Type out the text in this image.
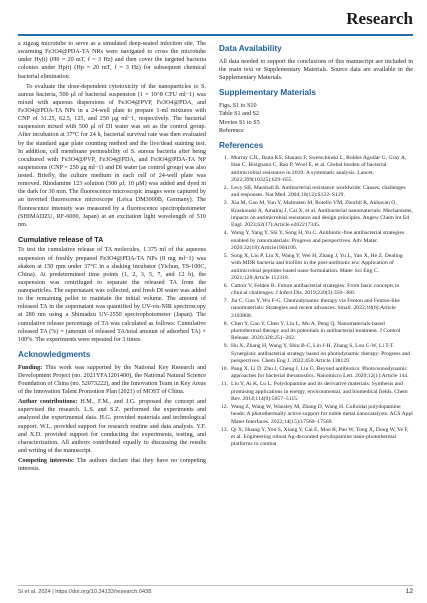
Research
a zigzag microtube to serve as a simulated deep-seated infection site. The swarming Fe3O4@PDA-TA NRs were navigated to cross the microtube under Hy(t) (H0 = 20 mT, f = 3 Hz) and then cover the targeted bacteria colonies under Hp(t) (Hp = 20 mT, f = 3 Hz) for subsequent chemical bacterial elimination.
To evaluate the dose-dependent cytotoxicity of the nanoparticles to S. aureus bacteria, 500 μl of bacterial suspension (1 × 10^8 CFU ml−1) was mixed with aqueous dispersions of Fe3O4@PVP, Fe3O4@PDA, and Fe3O4@PDA-TA NPs in a 24-well plate to prepare 1-ml mixtures with CNP of 31.25, 62.5, 125, and 250 μg ml−1, respectively. The bacterial suspension mixed with 500 μl of DI water was set as the control group. After incubation at 37°C for 24 h, bacterial survival rate was then evaluated by the standard agar plate counting method and the live/dead staining test. In addition, cell membrane permeability of S. aureus bacteria after being cocultured with Fe3O4@PVP, Fe3O4@PDA, and Fe3O4@PDA-TA NP suspensions (CNP = 250 μg ml−1) and DI water (as control group) was also tested. Briefly, the culture medium in each cell of 24-well plate was removed. Rhodamine 123 solution (500 μl; 10 μM) was added and dyed in the dark for 30 min. The fluorescence microscopic images were captured by an inverted fluorescence microscope (Leica DM3000B, Germany). The fluorescence intensity was measured by a fluorescence spectrophotometer (SHIMADZU, RF-6000, Japan) at an excitation light wavelength of 510 nm.
Cumulative release of TA
To test the cumulative release of TA molecules, 1.375 ml of the aqueous suspension of freshly prepared Fe3O4@PDA-TA NPs (8 mg ml−1) was shaken at 150 rpm under 37°C in a shaking incubator (Yichun, TS-100C, China). At predetermined time points (1, 2, 3, 5, 7, and 12 h), the suspension was centrifuged to separate the released TA from the nanoparticles. The supernatant was collected, and fresh DI water was added to the remaining pellet to maintain the initial volume. The amount of released TA in the supernatant was quantified by UV-vis-NIR spectroscopy at 280 nm using a Shimadzu UV-2550 spectrophotometer (Japan). The cumulative release percentage of TA was calculated as follows: Cumulative released TA (%) = (amount of released TA/total amount of adsorbed TA) × 100%. The experiments were repeated for 3 times.
Acknowledgments
Funding: This work was supported by the National Key Research and Development Project (no. 2021YFA1201400), the National Natural Science Foundation of China (no. 52073222), and the Innovation Team in Key Areas of the Innovation Talent Promotion Plan (2021) of MOST of China.
Author contributions: H.M., F.M., and J.G. proposed the concept and supervised the research. L.S. and S.Z. performed the experiments and analyzed the experimental data. H.G. provided materials and technological support. W.L. provided support for research routine and data analysis. Y.F. and X.D. provided support for conducting the experiments, testing, and characterization. All authors contributed equally to discussing the results and writing of the manuscript.
Competing interests: The authors declare that they have no competing interests.
Data Availability
All data needed to support the conclusions of this manuscript are included in the main text or Supplementary Materials. Source data are available in the Supplementary Materials.
Supplementary Materials
Figs. S1 to S10
Table S1 and S2
Movies S1 to S5
Reference
References
1. Murray CJL, Ikuta KS, Sharara F, Swetschinski L, Robles Aguilar G, Gray A, Han C, Bisignano C, Rao P, Wool E, et al. Global burden of bacterial antimicrobial resistance in 2019: A systematic analysis. Lancet. 2022;399(10325):629–655.
2. Levy SB, Marshall B. Antibacterial resistance worldwide: Causes, challenges and responses. Nat Med. 2004;10(12):S122–S129.
3. Xia M, Gao M, Yun Y, Malmsten M, Rotello VM, Zborbil R, Akhavan O, Kraskouski A, Amalraj J, Cai X, et al. Antibacterial nanomaterials: Mechanisms, impacts on antimicrobial resistance and design principles. Angew Chem Int Ed Engl. 2023;62(17):Article e202217345.
4. Wang Y, Yang Y, Shi Y, Song H, Yu C. Antibiotic-free antibacterial strategies enabled by nanomaterials: Progress and perspectives. Adv Mater. 2020;32(18):Article1904106.
5. Song X, Liu P, Liu X, Wang Y, Wei H, Zhang J, Yu L, Yan X, He Z. Dealing with MDR bacteria and biofilm in the post-antibiotic era: Application of antimicrobial peptides-based nano-formulation. Mater Sci Eng C. 2021;128:Article 112318.
6. Cattoir V, Felden B. Future antibacterial strategies: From basic concepts to clinical challenges. J Infect Dis. 2019;220(3):350–360.
7. Jia C, Guo Y, Wu F-G. Chemodynamic therapy via Fenton and Fenton-like nanomaterials: Strategies and recent advances. Small. 2022;18(6):Article 2103868.
8. Chen Y, Gao Y, Chen Y, Liu L, Mo A, Peng Q. Nanomaterials-based photothermal therapy and its potentials in antibacterial treatment. J Control Release. 2020;328:251–262.
9. Hu X, Zhang H, Wang Y, Shiu B-C, Lin J-H, Zhang S, Lou C-W, Li T-T. Synergistic antibacterial strategy based on photodynamic therapy: Progress and perspectives. Chem Eng J. 2022;450:Article 138129.
10. Pang X, Li D, Zhu J, Cheng J, Liu G. Beyond antibiotics: Photo/sonodynamic approaches for bacterial theranostics. Nanomicro Lett. 2020;12(1):Article 144.
11. Liu Y, Ai K, Lu L. Polydopamine and its derivative materials: Synthesis and promising applications in energy, environmental, and biomedical fields. Chem Rev. 2014;114(9):5057–5115.
12. Wang Z, Wang W, Wansley M, Zhang D, Wang H. Colloidal polydopamine beads: A photothermally active support for noble metal nanocatalysts. ACS Appl Mater Interfaces. 2022;14(15):17560–17569.
13. Qi X, Huang Y, You S, Xiang Y, Cai E, Mao R, Pan W, Tong X, Dong W, Ye F, et al. Engineering robust Ag-decorated polydopamine nano-photothermal platforms to combat
Si et al. 2024 | https://doi.org/10.34133/research.0438	12
